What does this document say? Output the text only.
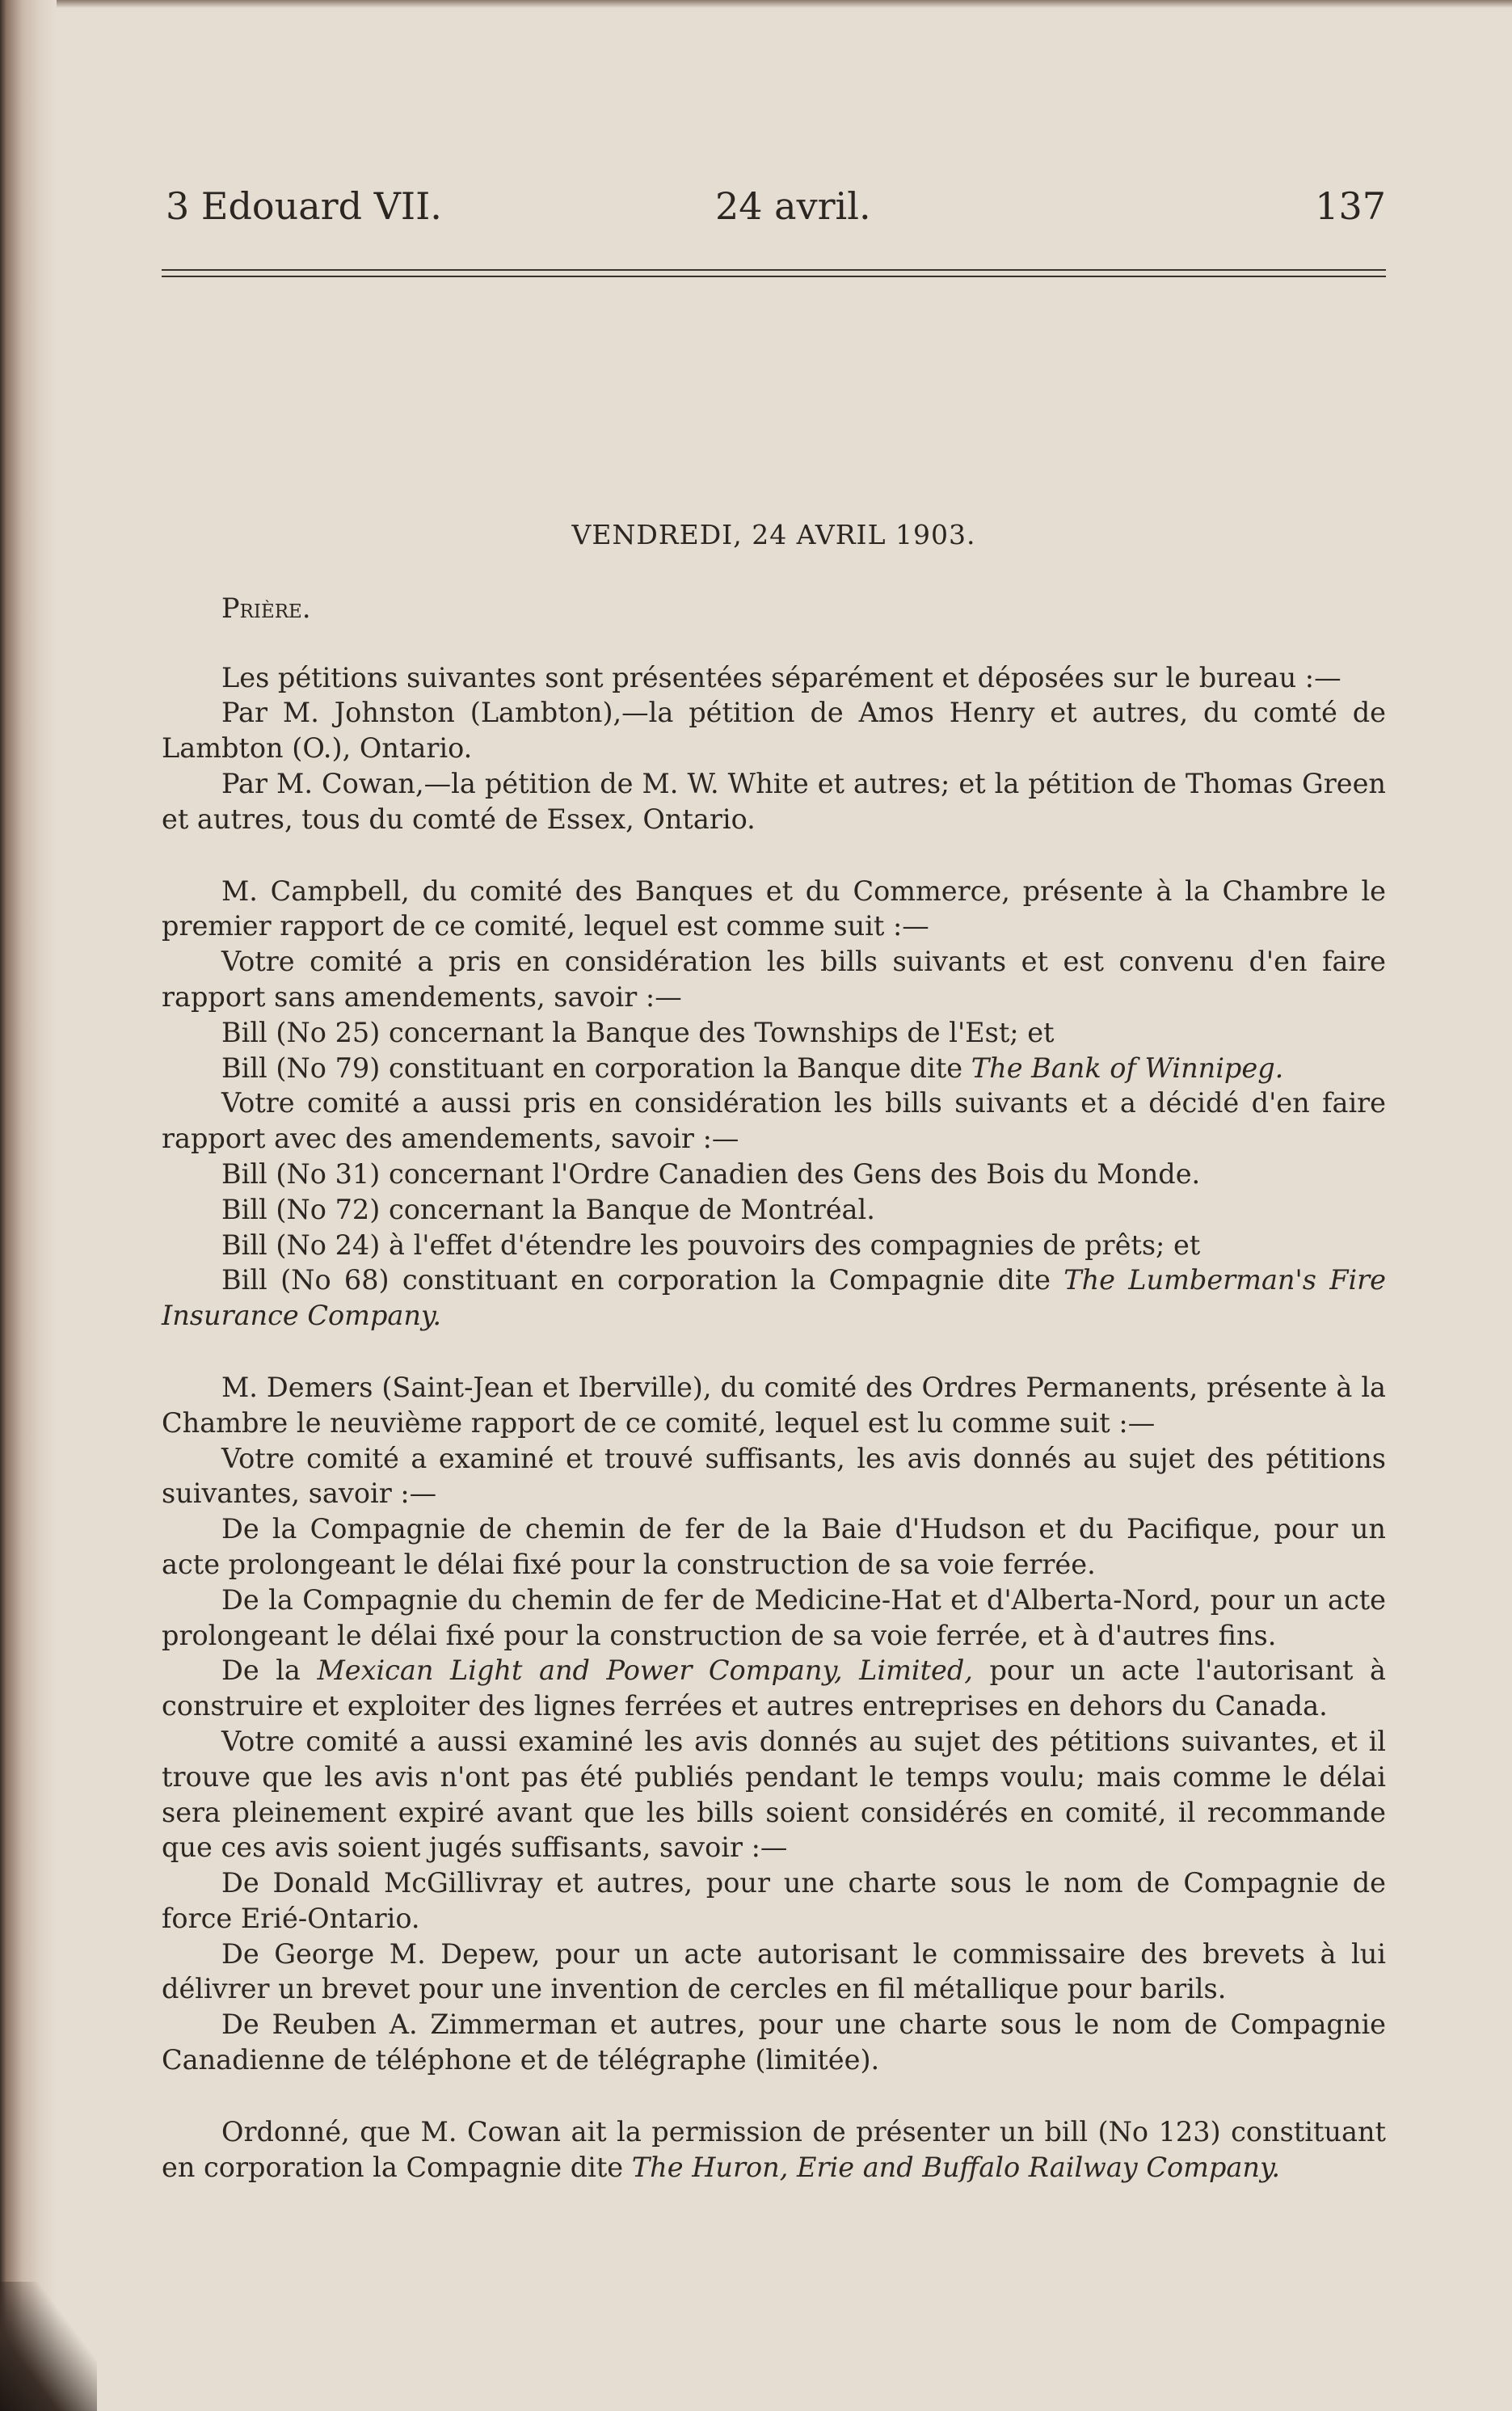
3 Edouard VII.	24 avril.	137

VENDREDI, 24 AVRIL 1903.

Prière.

Les pétitions suivantes sont présentées séparément et déposées sur le bureau :—

Par M. Johnston (Lambton),—la pétition de Amos Henry et autres, du comté de Lambton (O.), Ontario.

Par M. Cowan,—la pétition de M. W. White et autres; et la pétition de Thomas Green et autres, tous du comté de Essex, Ontario.

M. Campbell, du comité des Banques et du Commerce, présente à la Chambre le premier rapport de ce comité, lequel est comme suit :—

Votre comité a pris en considération les bills suivants et est convenu d'en faire rapport sans amendements, savoir :—

Bill (No 25) concernant la Banque des Townships de l'Est; et

Bill (No 79) constituant en corporation la Banque dite The Bank of Winnipeg.

Votre comité a aussi pris en considération les bills suivants et a décidé d'en faire rapport avec des amendements, savoir :—

Bill (No 31) concernant l'Ordre Canadien des Gens des Bois du Monde.

Bill (No 72) concernant la Banque de Montréal.

Bill (No 24) à l'effet d'étendre les pouvoirs des compagnies de prêts; et

Bill (No 68) constituant en corporation la Compagnie dite The Lumberman's Fire Insurance Company.

M. Demers (Saint-Jean et Iberville), du comité des Ordres Permanents, présente à la Chambre le neuvième rapport de ce comité, lequel est lu comme suit :—

Votre comité a examiné et trouvé suffisants, les avis donnés au sujet des pétitions suivantes, savoir :—

De la Compagnie de chemin de fer de la Baie d'Hudson et du Pacifique, pour un acte prolongeant le délai fixé pour la construction de sa voie ferrée.

De la Compagnie du chemin de fer de Medicine-Hat et d'Alberta-Nord, pour un acte prolongeant le délai fixé pour la construction de sa voie ferrée, et à d'autres fins.

De la Mexican Light and Power Company, Limited, pour un acte l'autorisant à construire et exploiter des lignes ferrées et autres entreprises en dehors du Canada.

Votre comité a aussi examiné les avis donnés au sujet des pétitions suivantes, et il trouve que les avis n'ont pas été publiés pendant le temps voulu; mais comme le délai sera pleinement expiré avant que les bills soient considérés en comité, il recommande que ces avis soient jugés suffisants, savoir :—

De Donald McGillivray et autres, pour une charte sous le nom de Compagnie de force Erié-Ontario.

De George M. Depew, pour un acte autorisant le commissaire des brevets à lui délivrer un brevet pour une invention de cercles en fil métallique pour barils.

De Reuben A. Zimmerman et autres, pour une charte sous le nom de Compagnie Canadienne de téléphone et de télégraphe (limitée).

Ordonné, que M. Cowan ait la permission de présenter un bill (No 123) constituant en corporation la Compagnie dite The Huron, Erie and Buffalo Railway Company.
